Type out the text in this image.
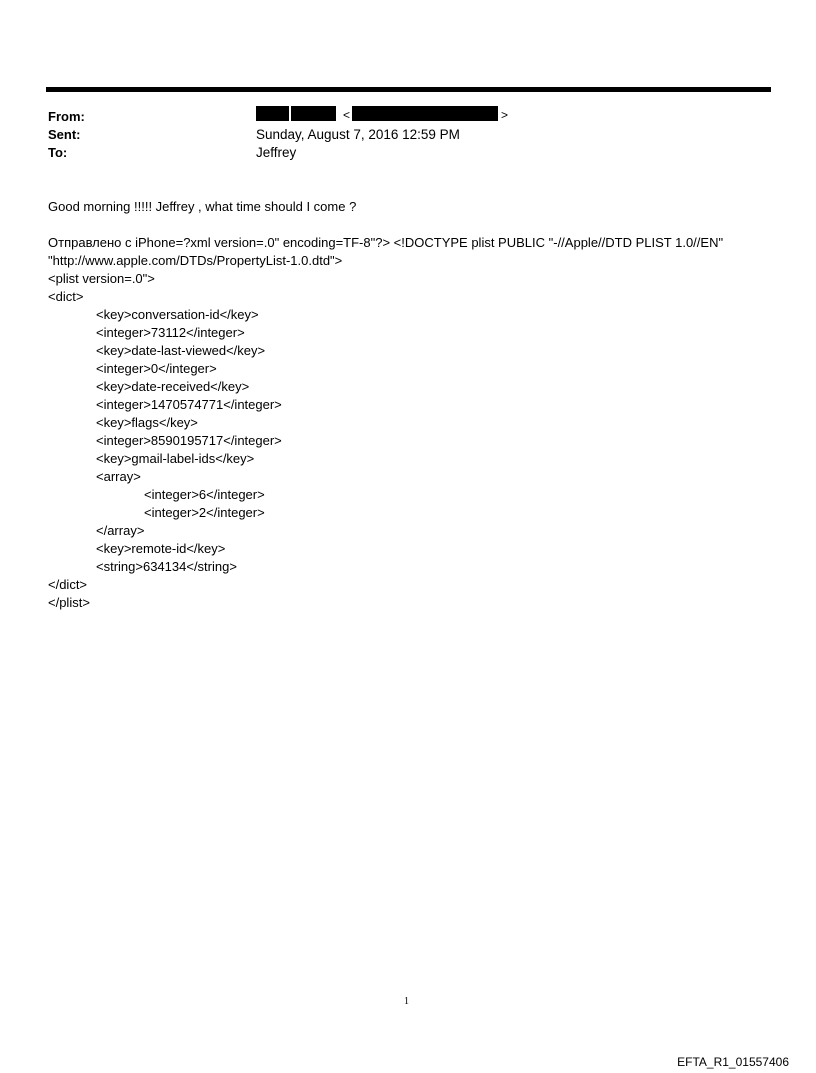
From:	<	>
Sent:	Sunday, August 7, 2016 12:59 PM
To:	Jeffrey
Good morning !!!!! Jeffrey , what time should I come ?
Отправлено с iPhone=?xml version=.0" encoding=TF-8"?> <!DOCTYPE plist PUBLIC "-//Apple//DTD PLIST 1.0//EN"
"http://www.apple.com/DTDs/PropertyList-1.0.dtd">
<plist version=.0">
<dict>
<key>conversation-id</key>
<integer>73112</integer>
<key>date-last-viewed</key>
<integer>0</integer>
<key>date-received</key>
<integer>1470574771</integer>
<key>flags</key>
<integer>8590195717</integer>
<key>gmail-label-ids</key>
<array>
<integer>6</integer>
<integer>2</integer>
</array>
<key>remote-id</key>
<string>634134</string>
</dict>
</plist>
1
EFTA_R1_01557406
